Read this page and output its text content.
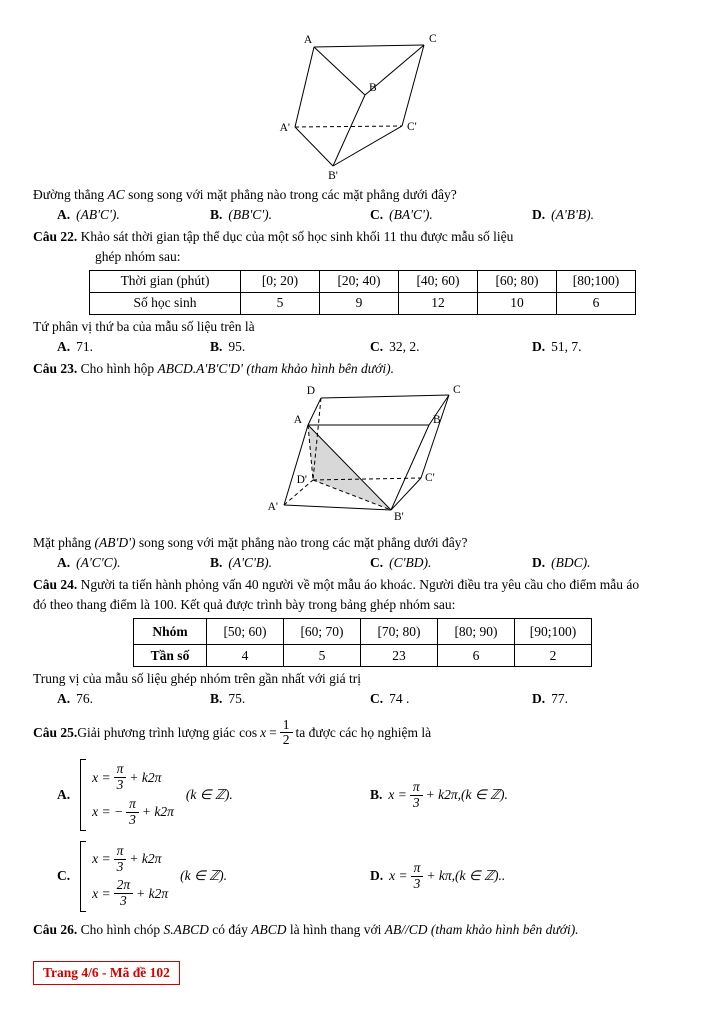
A	C
B
A'	C'
B'

Đường thẳng AC song song với mặt phẳng nào trong các mặt phẳng dưới đây?

A. (AB'C').	B. (BB'C').	C. (BA'C').	D. (A'B'B).

Câu 22. Khảo sát thời gian tập thể dục của một số học sinh khối 11 thu được mẫu số liệu

ghép nhóm sau:

Thời gian (phút)	[0; 20)	[20; 40)	[40; 60)	[60; 80)	[80;100)
Số học sinh	5	9	12	10	6

Tứ phân vị thứ ba của mẫu số liệu trên là

A. 71.	B. 95.	C. 32, 2.	D. 51, 7.

Câu 23. Cho hình hộp ABCD.A'B'C'D' (tham khảo hình bên dưới).

D	C
A	B
D'	C'
A'
B'

Mặt phẳng (AB'D') song song với mặt phẳng nào trong các mặt phẳng dưới đây?

A. (A'C'C).	B. (A'C'B).	C. (C'BD).	D. (BDC).

Câu 24. Người ta tiến hành phỏng vấn 40 người về một mẫu áo khoác. Người điều tra yêu cầu cho điểm mẫu áo

đó theo thang điểm là 100. Kết quả được trình bày trong bảng ghép nhóm sau:

Nhóm	[50; 60)	[60; 70)	[70; 80)	[80; 90)	[90;100)
Tần số	4	5	23	6	2

Trung vị của mẫu số liệu ghép nhóm trên gần nhất với giá trị

A. 76.	B. 75.	C. 74 .	D. 77.

Câu 25. Giải phương trình lượng giác $\cos x = \frac{1}{2}$ ta được các họ nghiệm là

A.
$x = \frac{\pi}{3} + k2\pi$
x = − $\frac{\pi}{3} + k2\pi$
(k ∈ ℤ).	B. $x = \frac{\pi}{3} + k2\pi,(k$ ∈ ℤ).
C.
$x = \frac{\pi}{3} + k2\pi$
$x = \frac{2\pi}{3} + k2\pi$
(k ∈ ℤ).	D. $x = \frac{\pi}{3} + k\pi,(k$ ∈ ℤ)..

Câu 26. Cho hình chóp S.ABCD có đáy ABCD là hình thang với AB//CD (tham khảo hình bên dưới).

Trang 4/6 - Mã đề 102
